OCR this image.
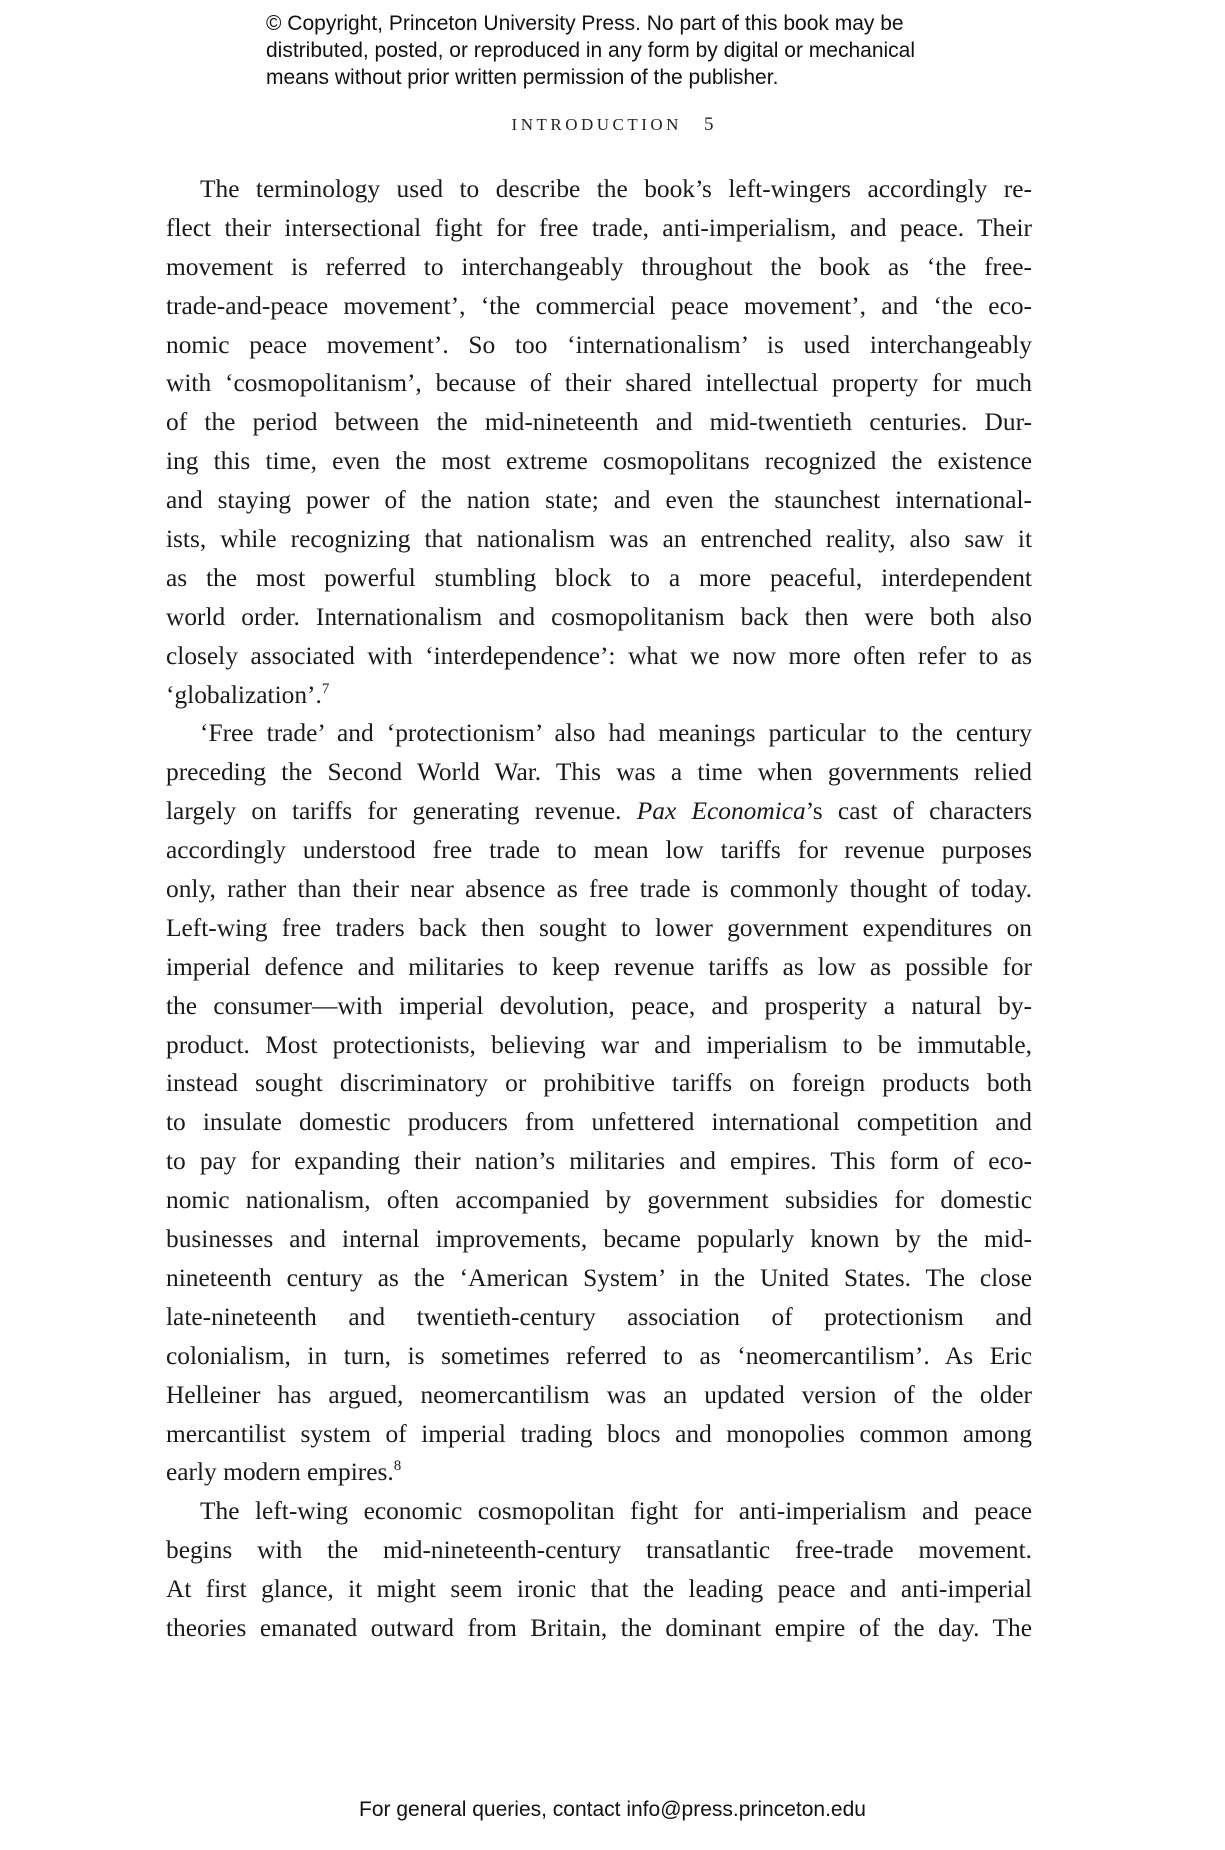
© Copyright, Princeton University Press. No part of this book may be
distributed, posted, or reproduced in any form by digital or mechanical
means without prior written permission of the publisher.
INTRODUCTION 5
The terminology used to describe the book’s left-wingers accordingly re-
flect their intersectional fight for free trade, anti-imperialism, and peace. Their
movement is referred to interchangeably throughout the book as ‘the free-
trade-and-peace movement’, ‘the commercial peace movement’, and ‘the eco-
nomic peace movement’. So too ‘internationalism’ is used interchangeably
with ‘cosmopolitanism’, because of their shared intellectual property for much
of the period between the mid-nineteenth and mid-twentieth centuries. Dur-
ing this time, even the most extreme cosmopolitans recognized the existence
and staying power of the nation state; and even the staunchest international-
ists, while recognizing that nationalism was an entrenched reality, also saw it
as the most powerful stumbling block to a more peaceful, interdependent
world order. Internationalism and cosmopolitanism back then were both also
closely associated with ‘interdependence’: what we now more often refer to as
‘globalization’.$^7$
‘Free trade’ and ‘protectionism’ also had meanings particular to the century
preceding the Second World War. This was a time when governments relied
largely on tariffs for generating revenue. Pax Economica’s cast of characters
accordingly understood free trade to mean low tariffs for revenue purposes
only, rather than their near absence as free trade is commonly thought of today.
Left-wing free traders back then sought to lower government expenditures on
imperial defence and militaries to keep revenue tariffs as low as possible for
the consumer—with imperial devolution, peace, and prosperity a natural by-
product. Most protectionists, believing war and imperialism to be immutable,
instead sought discriminatory or prohibitive tariffs on foreign products both
to insulate domestic producers from unfettered international competition and
to pay for expanding their nation’s militaries and empires. This form of eco-
nomic nationalism, often accompanied by government subsidies for domestic
businesses and internal improvements, became popularly known by the mid-
nineteenth century as the ‘American System’ in the United States. The close
late-nineteenth and twentieth-century association of protectionism and
colonialism, in turn, is sometimes referred to as ‘neomercantilism’. As Eric
Helleiner has argued, neomercantilism was an updated version of the older
mercantilist system of imperial trading blocs and monopolies common among
early modern empires.$^8$
The left-wing economic cosmopolitan fight for anti-imperialism and peace
begins with the mid-nineteenth-century transatlantic free-trade movement.
At first glance, it might seem ironic that the leading peace and anti-imperial
theories emanated outward from Britain, the dominant empire of the day. The
For general queries, contact info@press.princeton.edu
